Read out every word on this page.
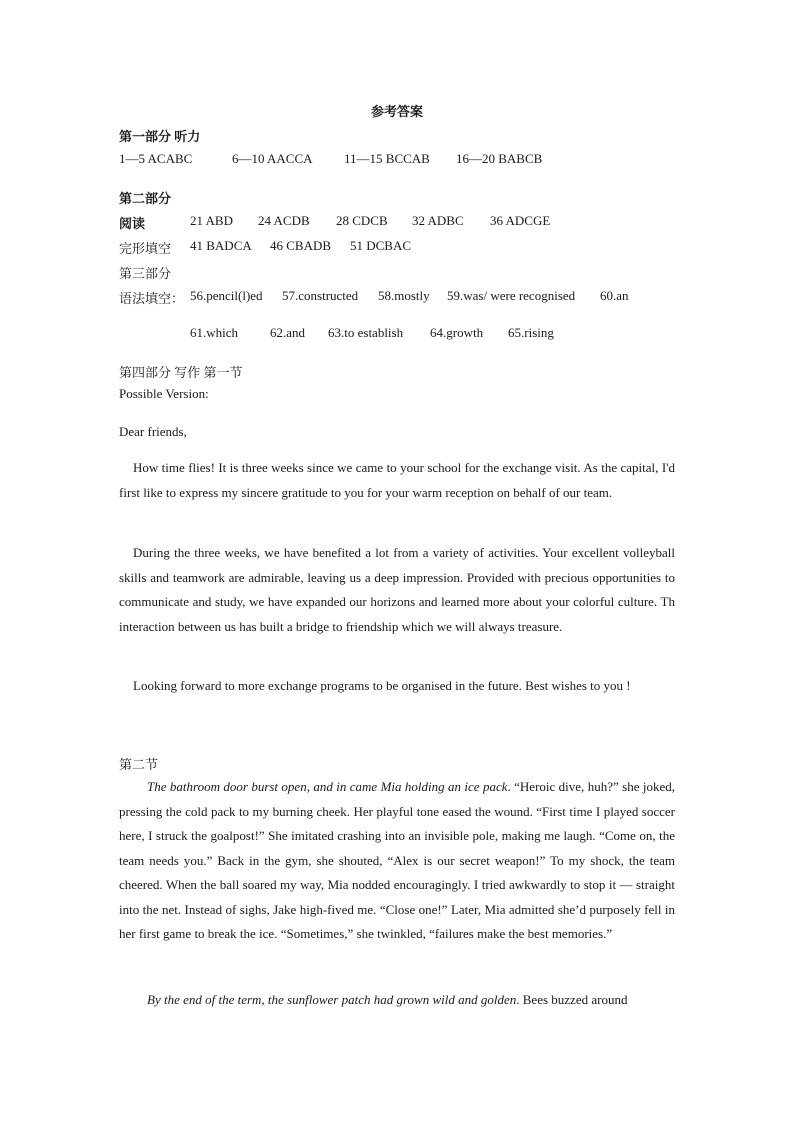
参考答案
第一部分 听力
1—5 ACABC	6—10 AACCA 11—15 BCCAB 16—20 BABCB
第二部分
阅读	21 ABD 24 ACDB 28 CDCB 32 ADBC 36 ADCGE
完形填空 41 BADCA 46 CBADB 51 DCBAC
第三部分
语法填空： 56.pencil(l)ed 57.constructed 58.mostly 59.was/ were recognised 60.an
61.which 62.and 63.to establish 64.growth 65.rising
第四部分 写作 第一节
Possible Version:
Dear friends,
How time flies! It is three weeks since we came to your school for the exchange visit. As the capital, I'd first like to express my sincere gratitude to you for your warm reception on behalf of our team.
During the three weeks, we have benefited a lot from a variety of activities. Your excellent volleyball skills and teamwork are admirable, leaving us a deep impression. Provided with precious opportunities to communicate and study, we have expanded our horizons and learned more about your colorful culture. Th interaction between us has built a bridge to friendship which we will always treasure.
Looking forward to more exchange programs to be organised in the future. Best wishes to you !
第二节
The bathroom door burst open, and in came Mia holding an ice pack. “Heroic dive, huh?” she joked, pressing the cold pack to my burning cheek. Her playful tone eased the wound. “First time I played soccer here, I struck the goalpost!” She imitated crashing into an invisible pole, making me laugh. “Come on, the team needs you.” Back in the gym, she shouted, “Alex is our secret weapon!” To my shock, the team cheered. When the ball soared my way, Mia nodded encouragingly. I tried awkwardly to stop it — straight into the net. Instead of sighs, Jake high-fived me. “Close one!” Later, Mia admitted she’d purposely fell in her first game to break the ice. “Sometimes,” she twinkled, “failures make the best memories.”
By the end of the term, the sunflower patch had grown wild and golden. Bees buzzed around
